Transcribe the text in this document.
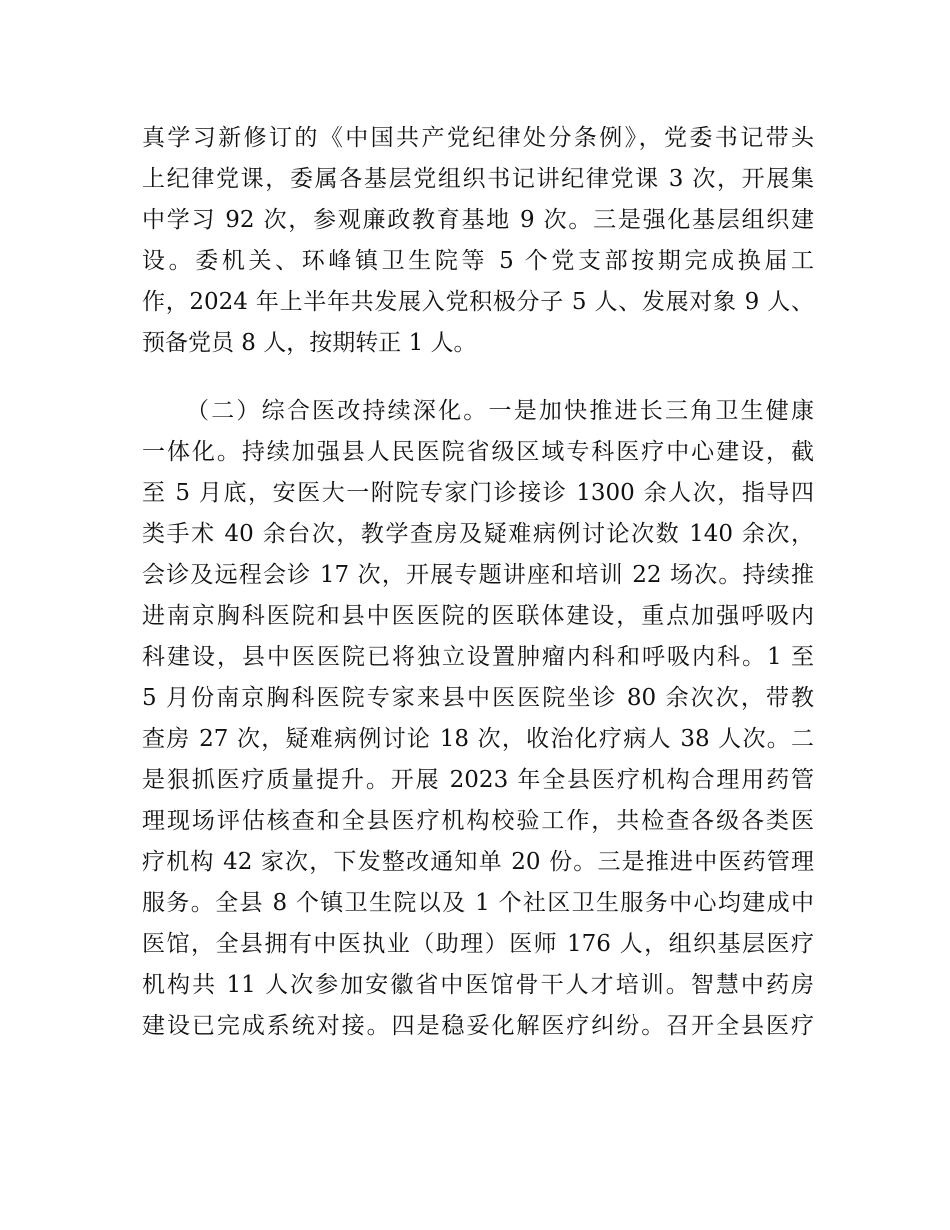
真学习新修订的《中国共产党纪律处分条例》，党委书记带头
上纪律党课，委属各基层党组织书记讲纪律党课 3 次，开展集
中学习 92 次，参观廉政教育基地 9 次。三是强化基层组织建
设。委机关、环峰镇卫生院等 5 个党支部按期完成换届工
作，2024 年上半年共发展入党积极分子 5 人、发展对象 9 人、
预备党员 8 人，按期转正 1 人。
（二）综合医改持续深化。一是加快推进长三角卫生健康
一体化。持续加强县人民医院省级区域专科医疗中心建设，截
至 5 月底，安医大一附院专家门诊接诊 1300 余人次，指导四
类手术 40 余台次，教学查房及疑难病例讨论次数 140 余次，
会诊及远程会诊 17 次，开展专题讲座和培训 22 场次。持续推
进南京胸科医院和县中医医院的医联体建设，重点加强呼吸内
科建设，县中医医院已将独立设置肿瘤内科和呼吸内科。1 至
5 月份南京胸科医院专家来县中医医院坐诊 80 余次次，带教
查房 27 次，疑难病例讨论 18 次，收治化疗病人 38 人次。二
是狠抓医疗质量提升。开展 2023 年全县医疗机构合理用药管
理现场评估核查和全县医疗机构校验工作，共检查各级各类医
疗机构 42 家次，下发整改通知单 20 份。三是推进中医药管理
服务。全县 8 个镇卫生院以及 1 个社区卫生服务中心均建成中
医馆，全县拥有中医执业（助理）医师 176 人，组织基层医疗
机构共 11 人次参加安徽省中医馆骨干人才培训。智慧中药房
建设已完成系统对接。四是稳妥化解医疗纠纷。召开全县医疗
